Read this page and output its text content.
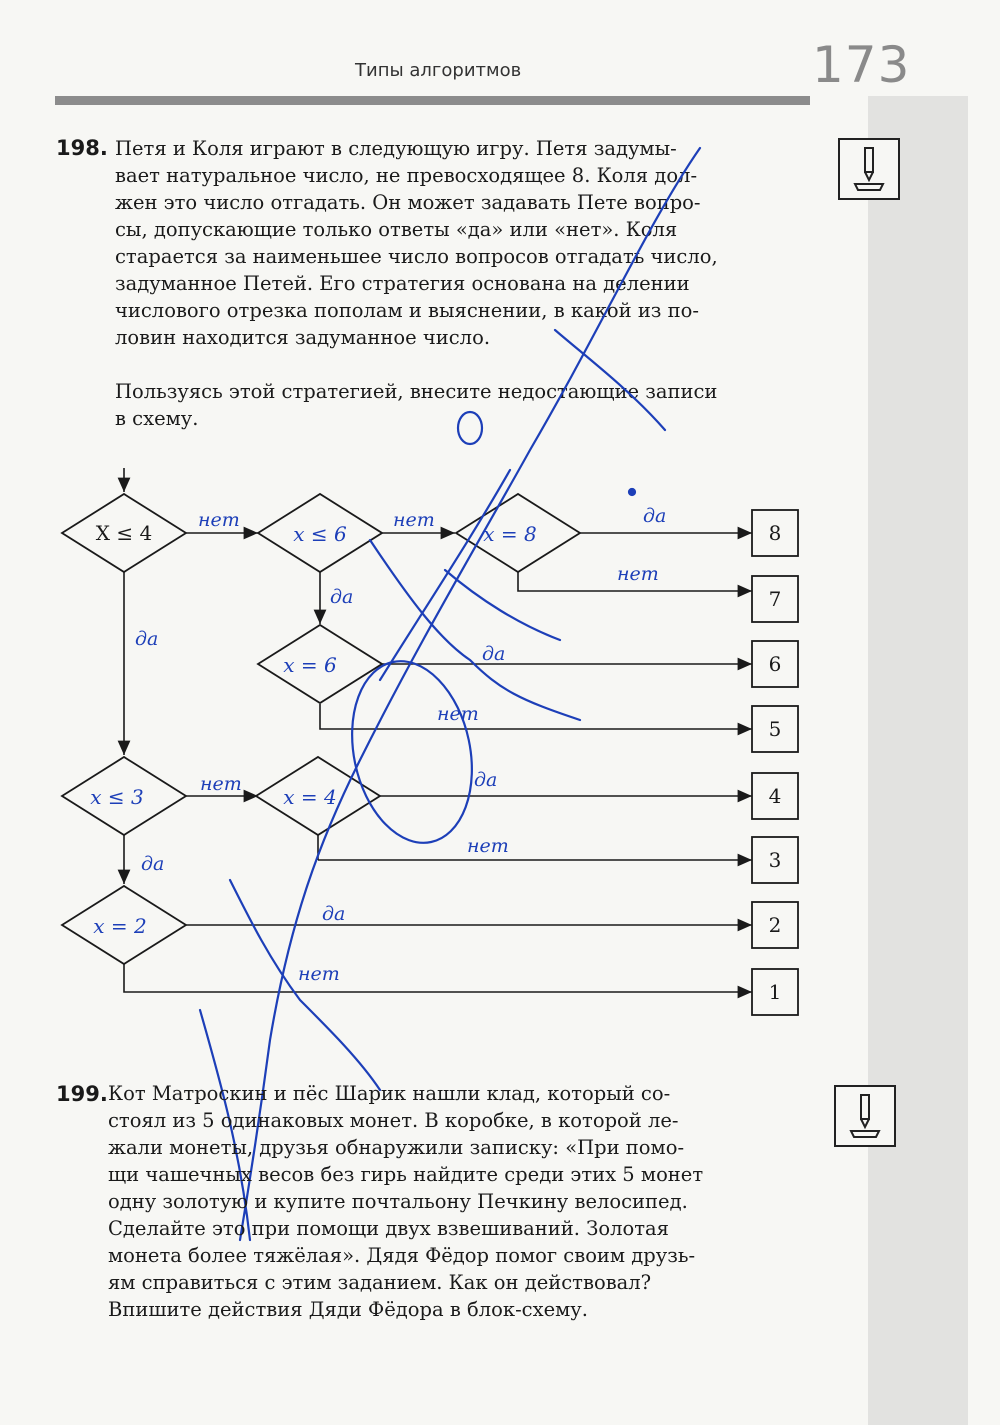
Типы алгоритмов	173
198. Петя и Коля играют в следующую игру. Петя задумы-
вает натуральное число, не превосходящее 8. Коля дол-
жен это число отгадать. Он может задавать Пете вопро-
сы, допускающие только ответы «да» или «нет». Коля
старается за наименьшее число вопросов отгадать число,
задуманное Петей. Его стратегия основана на делении
числового отрезка пополам и выяснении, в какой из по-
ловин находится задуманное число.
Пользуясь этой стратегией, внесите недостающие записи
в схему.
8
7
6
5
4
3
2
1
X ≤ 4	x ≤ 6	x = 8
x = 6
x ≤ 3	x = 4
x = 2
нет	нет	да
нет
да
да
да
нет
нет	да
нет
да
да
нет
199. Кот Матроскин и пёс Шарик нашли клад, который со-
стоял из 5 одинаковых монет. В коробке, в которой ле-
жали монеты, друзья обнаружили записку: «При помо-
щи чашечных весов без гирь найдите среди этих 5 монет
одну золотую и купите почтальону Печкину велосипед.
Сделайте это при помощи двух взвешиваний. Золотая
монета более тяжёлая». Дядя Фёдор помог своим друзь-
ям справиться с этим заданием. Как он действовал?
Впишите действия Дяди Фёдора в блок-схему.
